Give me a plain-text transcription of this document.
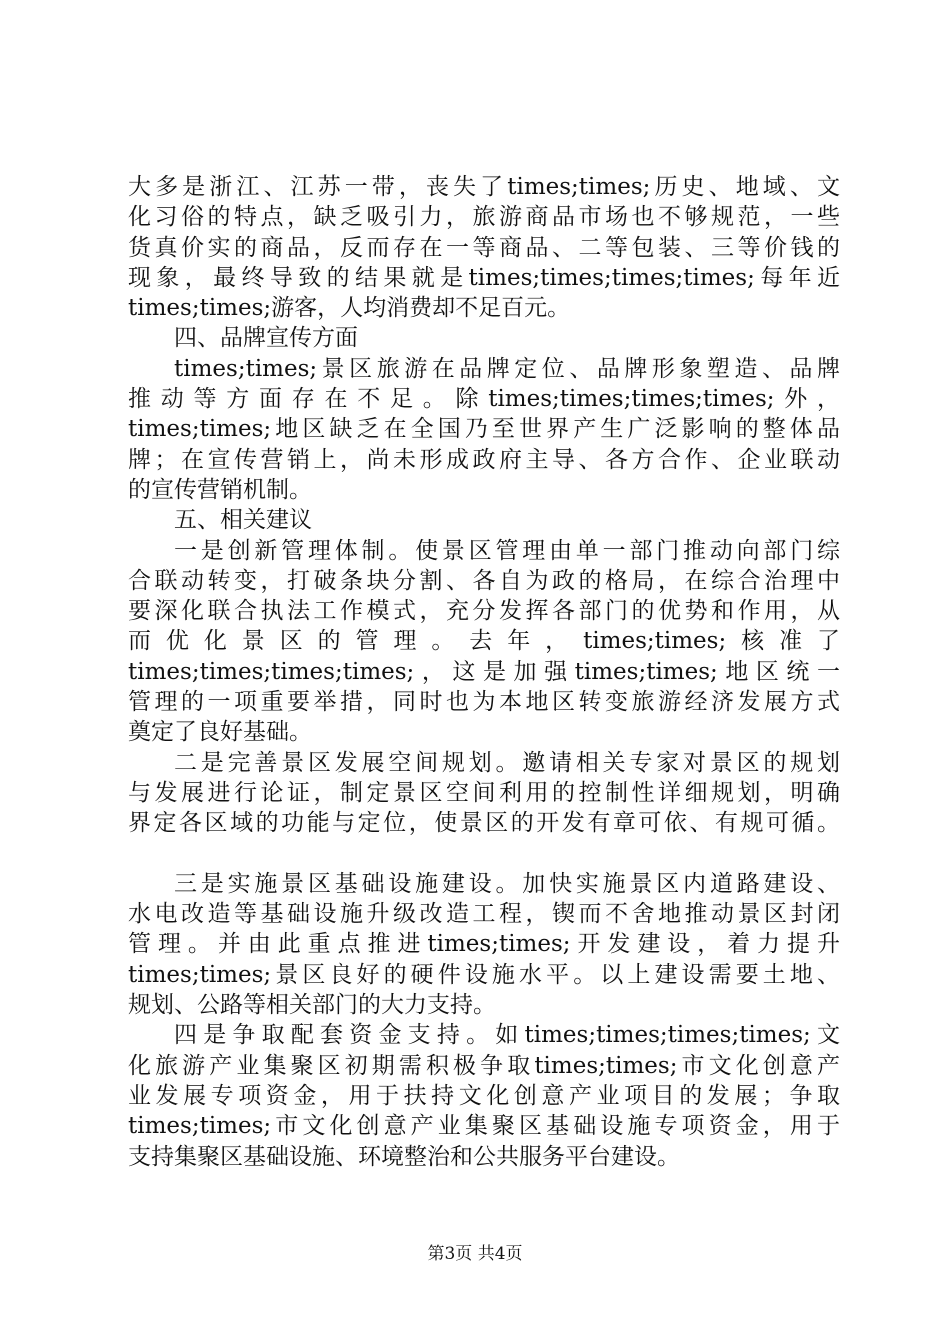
大多是浙江、江苏一带，丧失了times;times;历史、地域、文
化习俗的特点，缺乏吸引力，旅游商品市场也不够规范，一些
货真价实的商品，反而存在一等商品、二等包装、三等价钱的
现象，最终导致的结果就是times;times;times;times;每年近
times;times;游客，人均消费却不足百元。
四、品牌宣传方面
times;times;景区旅游在品牌定位、品牌形象塑造、品牌
推动等方面存在不足。除times;times;times;times;外，
times;times;地区缺乏在全国乃至世界产生广泛影响的整体品
牌；在宣传营销上，尚未形成政府主导、各方合作、企业联动
的宣传营销机制。
五、相关建议
一是创新管理体制。使景区管理由单一部门推动向部门综
合联动转变，打破条块分割、各自为政的格局，在综合治理中
要深化联合执法工作模式，充分发挥各部门的优势和作用，从
而优化景区的管理。去年，times;times;核准了
times;times;times;times;，这是加强times;times;地区统一
管理的一项重要举措，同时也为本地区转变旅游经济发展方式
奠定了良好基础。
二是完善景区发展空间规划。邀请相关专家对景区的规划
与发展进行论证，制定景区空间利用的控制性详细规划，明确
界定各区域的功能与定位，使景区的开发有章可依、有规可循。
三是实施景区基础设施建设。加快实施景区内道路建设、
水电改造等基础设施升级改造工程，锲而不舍地推动景区封闭
管理。并由此重点推进times;times;开发建设，着力提升
times;times;景区良好的硬件设施水平。以上建设需要土地、
规划、公路等相关部门的大力支持。
四是争取配套资金支持。如times;times;times;times;文
化旅游产业集聚区初期需积极争取times;times;市文化创意产
业发展专项资金，用于扶持文化创意产业项目的发展；争取
times;times;市文化创意产业集聚区基础设施专项资金，用于
支持集聚区基础设施、环境整治和公共服务平台建设。
第3页 共4页
